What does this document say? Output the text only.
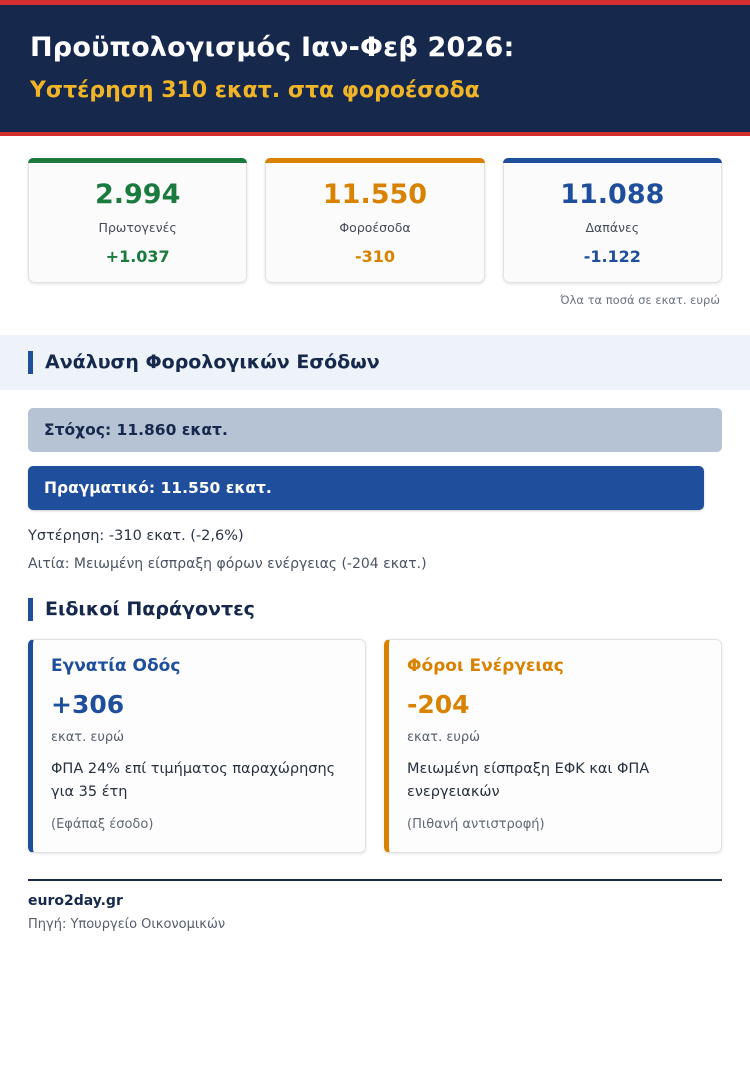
Προϋπολογισμός Ιαν-Φεβ 2026:
Υστέρηση 310 εκατ. στα φοροέσοδα
2.994
Πρωτογενές
+1.037
11.550
Φοροέσοδα
-310
11.088
Δαπάνες
-1.122
Όλα τα ποσά σε εκατ. ευρώ
Ανάλυση Φορολογικών Εσόδων
Στόχος: 11.860 εκατ.
Πραγματικό: 11.550 εκατ.
Υστέρηση: -310 εκατ. (-2,6%)
Αιτία: Μειωμένη είσπραξη φόρων ενέργειας (-204 εκατ.)
Ειδικοί Παράγοντες
Εγνατία Οδός
+306
εκατ. ευρώ
ΦΠΑ 24% επί τιμήματος παραχώρησης για 35 έτη
(Εφάπαξ έσοδο)
Φόροι Ενέργειας
-204
εκατ. ευρώ
Μειωμένη είσπραξη ΕΦΚ και ΦΠΑ ενεργειακών
(Πιθανή αντιστροφή)
euro2day.gr
Πηγή: Υπουργείο Οικονομικών
